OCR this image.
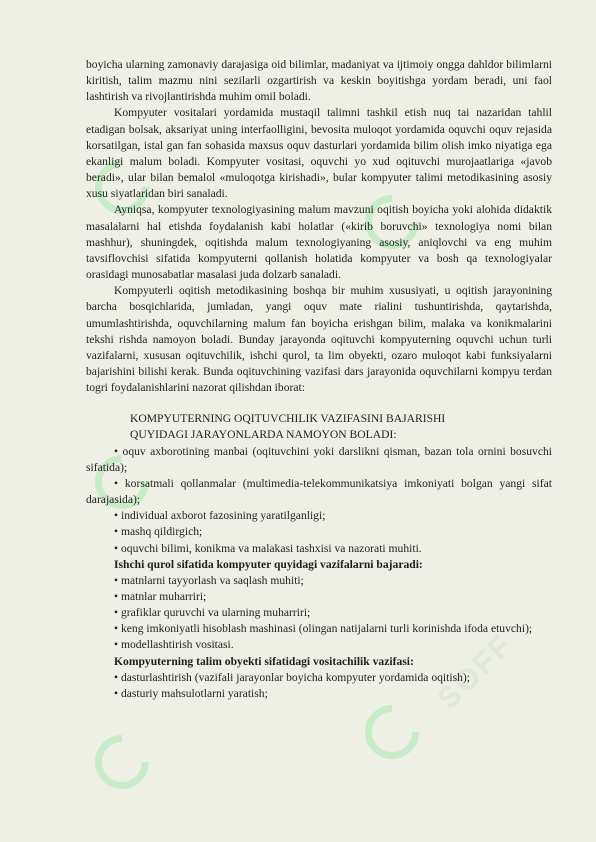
SOFF

boyicha ularning zamonaviy darajasiga oid bilimlar, madaniyat va ijtimoiy ongga dahldor bilimlarni kiritish, talim mazmu nini sezilarli ozgartirish va keskin boyitishga yordam beradi, uni faol lashtirish va rivojlantirishda muhim omil boladi.

Kompyuter vositalari yordamida mustaqil talimni tashkil etish nuq tai nazaridan tahlil etadigan bolsak, aksariyat uning interfaolligini, bevosita muloqot yordamida oquvchi oquv rejasida korsatilgan, istal gan fan sohasida maxsus oquv dasturlari yordamida bilim olish imko niyatiga ega ekanligi malum boladi. Kompyuter vositasi, oquvchi yo xud oqituvchi murojaatlariga «javob beradi», ular bilan bemalol «muloqotga kirishadi», bular kompyuter talimi metodikasining asosiy xusu siyatlaridan biri sanaladi.

Ayniqsa, kompyuter texnologiyasining malum mavzuni oqitish boyicha yoki alohida didaktik masalalarni hal etishda foydalanish kabi holatlar («kirib boruvchi» texnologiya nomi bilan mashhur), shuningdek, oqitishda malum texnologiyaning asosiy, aniqlovchi va eng muhim tavsiflovchisi sifatida kompyuterni qollanish holatida kompyuter va bosh qa texnologiyalar orasidagi munosabatlar masalasi juda dolzarb sanaladi.

Kompyuterli oqitish metodikasining boshqa bir muhim xususiyati, u oqitish jarayonining barcha bosqichlarida, jumladan, yangi oquv mate rialini tushuntirishda, qaytarishda, umumlashtirishda, oquvchilarning malum fan boyicha erishgan bilim, malaka va konikmalarini tekshi rishda namoyon boladi. Bunday jarayonda oqituvchi kompyuterning oquvchi uchun turli vazifalarni, xususan oqituvchilik, ishchi qurol, ta lim obyekti, ozaro muloqot kabi funksiyalarni bajarishini bilishi kerak. Bunda oqituvchining vazifasi dars jarayonida oquvchilarni kompyu terdan togri foydalanishlarini nazorat qilishdan iborat:

KOMPYUTERNING OQITUVCHILIK VAZIFASINI BAJARISHI

QUYIDAGI JARAYONLARDA NAMOYON BOLADI:

• oquv axborotining manbai (oqituvchini yoki darslikni qisman, bazan tola ornini bosuvchi sifatida);

• korsatmali qollanmalar (multimedia-telekommunikatsiya imkoniyati bolgan yangi sifat darajasida);

• individual axborot fazosining yaratilganligi;

• mashq qildirgich;

• oquvchi bilimi, konikma va malakasi tashxisi va nazorati muhiti.

Ishchi qurol sifatida kompyuter quyidagi vazifalarni bajaradi:

• matnlarni tayyorlash va saqlash muhiti;

• matnlar muharriri;

• grafiklar quruvchi va ularning muharriri;

• keng imkoniyatli hisoblash mashinasi (olingan natijalarni turli korinishda ifoda etuvchi);

• modellashtirish vositasi.

Kompyuterning talim obyekti sifatidagi vositachilik vazifasi:

• dasturlashtirish (vazifali jarayonlar boyicha kompyuter yordamida oqitish);

• dasturiy mahsulotlarni yaratish;
